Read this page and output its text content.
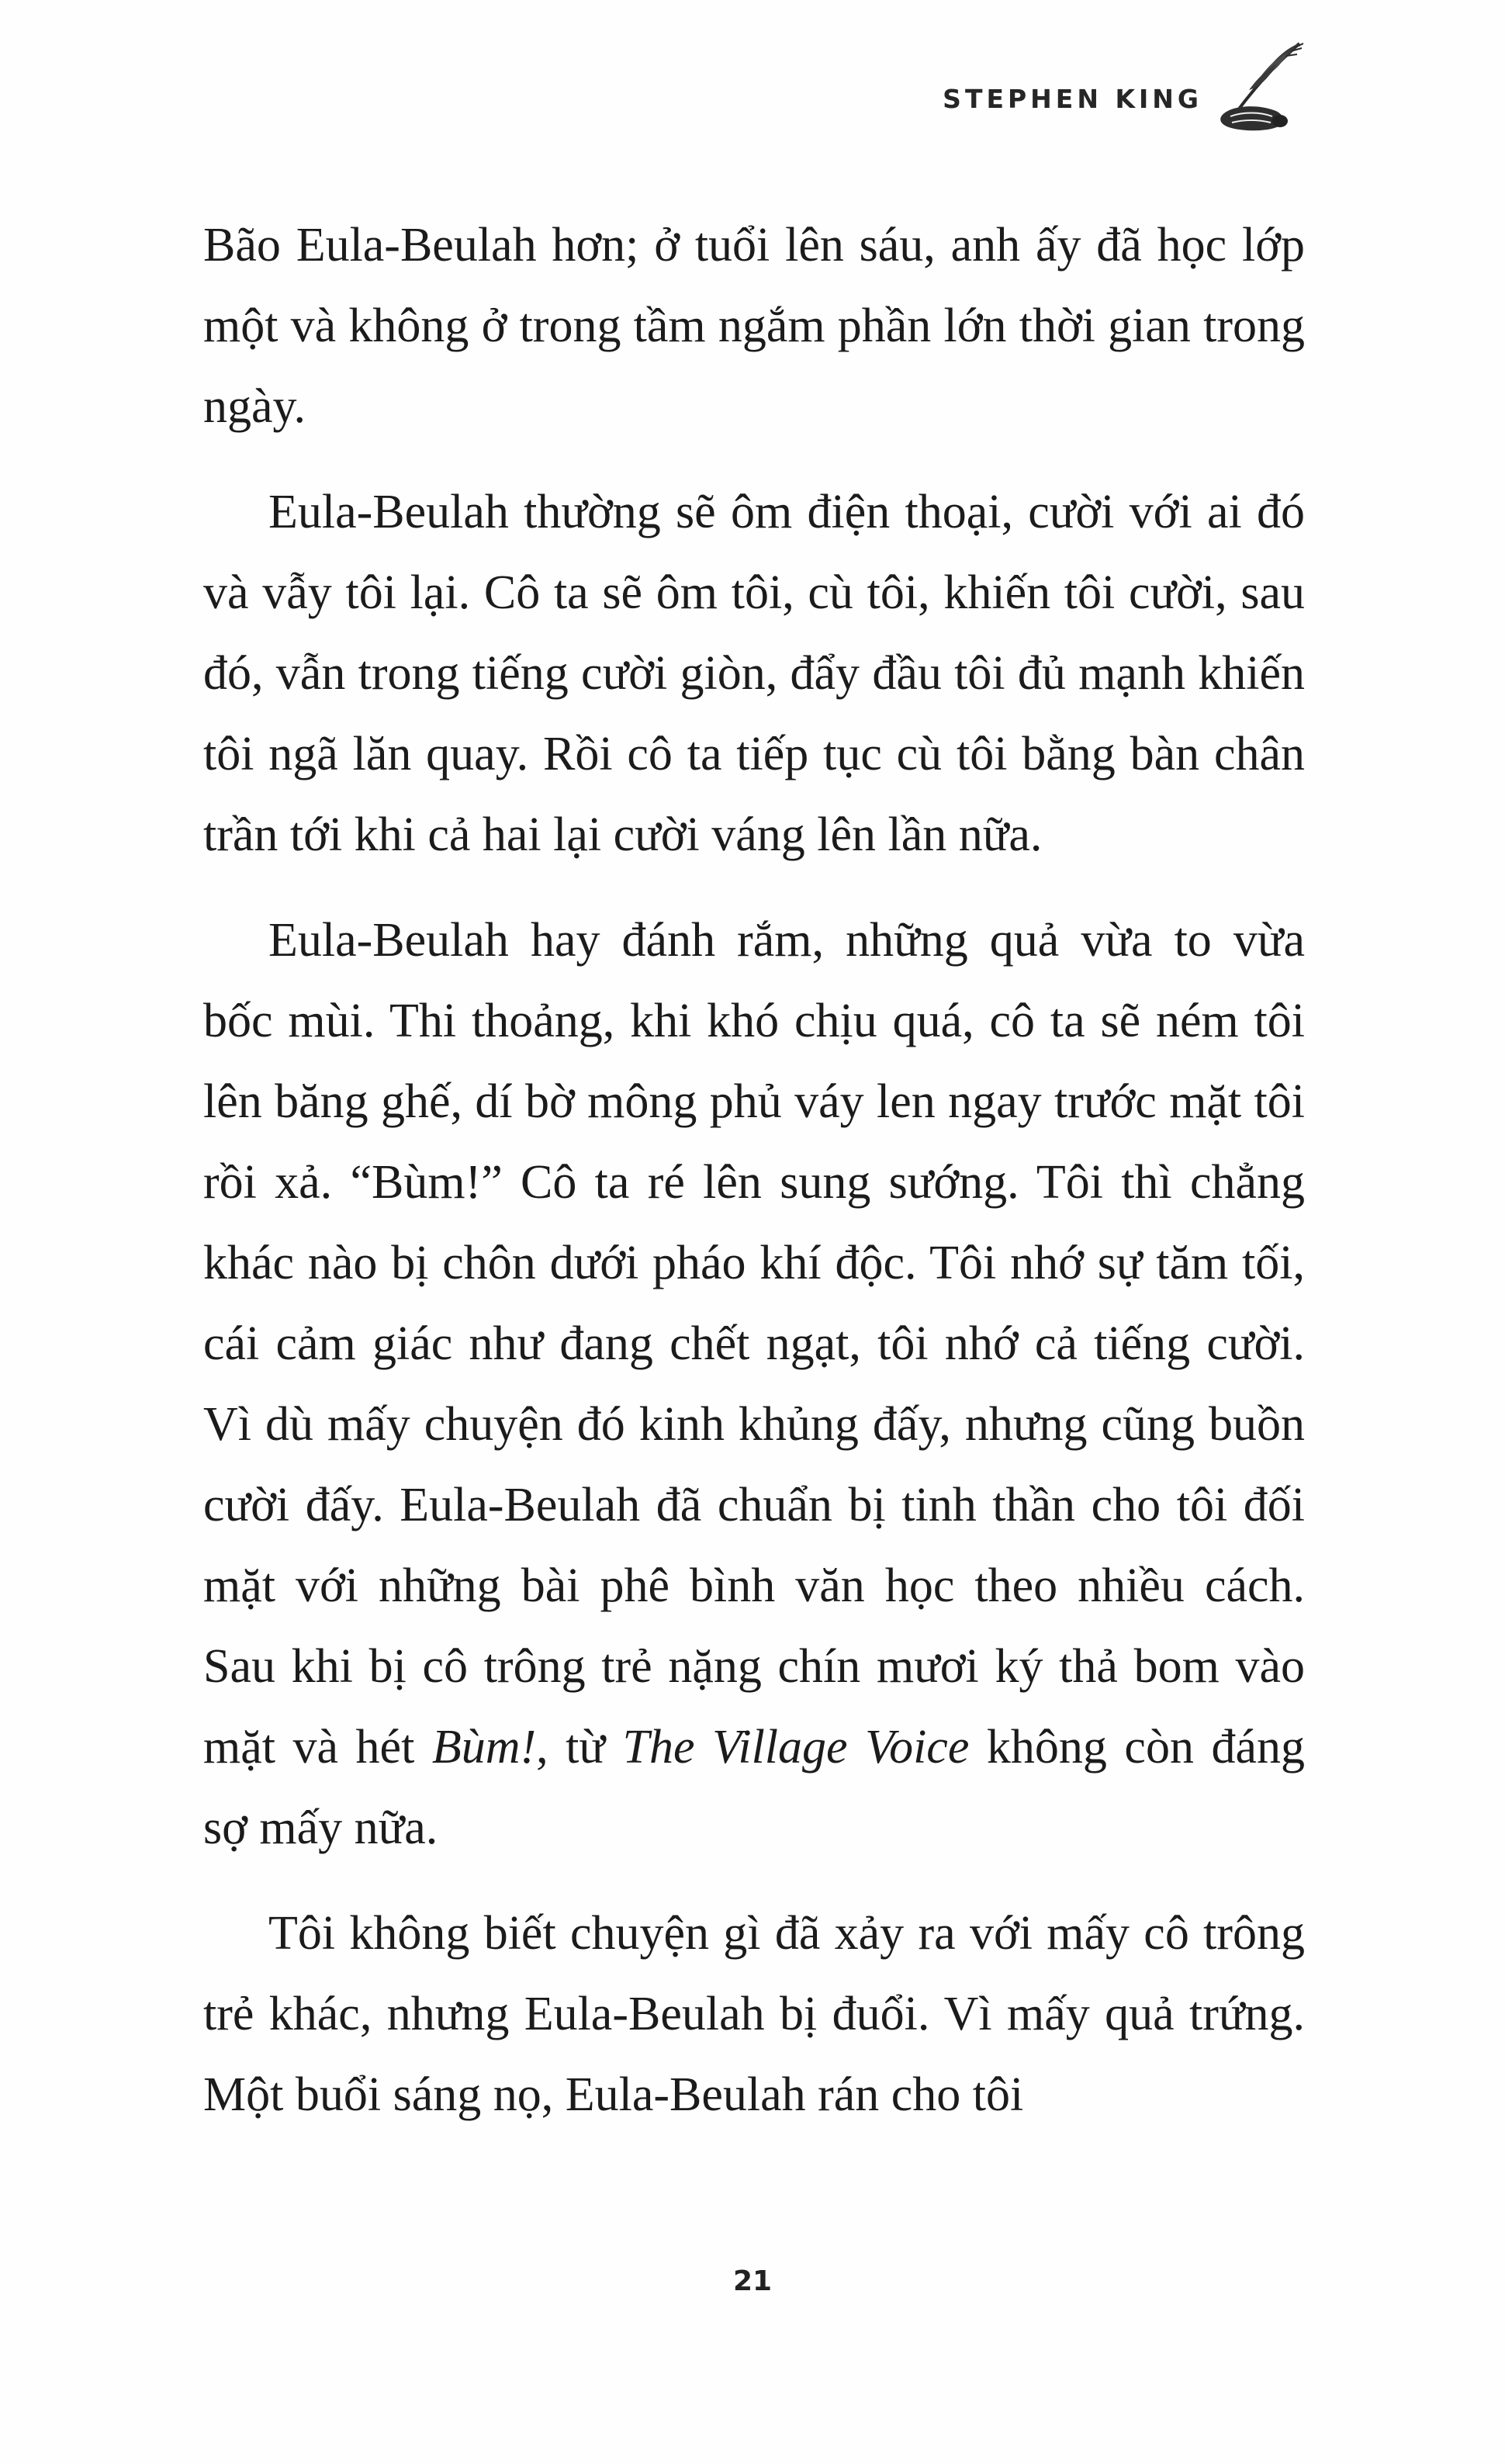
STEPHEN KING

Bão Eula-Beulah hơn; ở tuổi lên sáu, anh ấy đã học lớp một và không ở trong tầm ngắm phần lớn thời gian trong ngày.

Eula-Beulah thường sẽ ôm điện thoại, cười với ai đó và vẫy tôi lại. Cô ta sẽ ôm tôi, cù tôi, khiến tôi cười, sau đó, vẫn trong tiếng cười giòn, đẩy đầu tôi đủ mạnh khiến tôi ngã lăn quay. Rồi cô ta tiếp tục cù tôi bằng bàn chân trần tới khi cả hai lại cười váng lên lần nữa.

Eula-Beulah hay đánh rắm, những quả vừa to vừa bốc mùi. Thi thoảng, khi khó chịu quá, cô ta sẽ ném tôi lên băng ghế, dí bờ mông phủ váy len ngay trước mặt tôi rồi xả. “Bùm!” Cô ta ré lên sung sướng. Tôi thì chẳng khác nào bị chôn dưới pháo khí độc. Tôi nhớ sự tăm tối, cái cảm giác như đang chết ngạt, tôi nhớ cả tiếng cười. Vì dù mấy chuyện đó kinh khủng đấy, nhưng cũng buồn cười đấy. Eula-Beulah đã chuẩn bị tinh thần cho tôi đối mặt với những bài phê bình văn học theo nhiều cách. Sau khi bị cô trông trẻ nặng chín mươi ký thả bom vào mặt và hét Bùm!, từ The Village Voice không còn đáng sợ mấy nữa.

Tôi không biết chuyện gì đã xảy ra với mấy cô trông trẻ khác, nhưng Eula-Beulah bị đuổi. Vì mấy quả trứng. Một buổi sáng nọ, Eula-Beulah rán cho tôi

21
